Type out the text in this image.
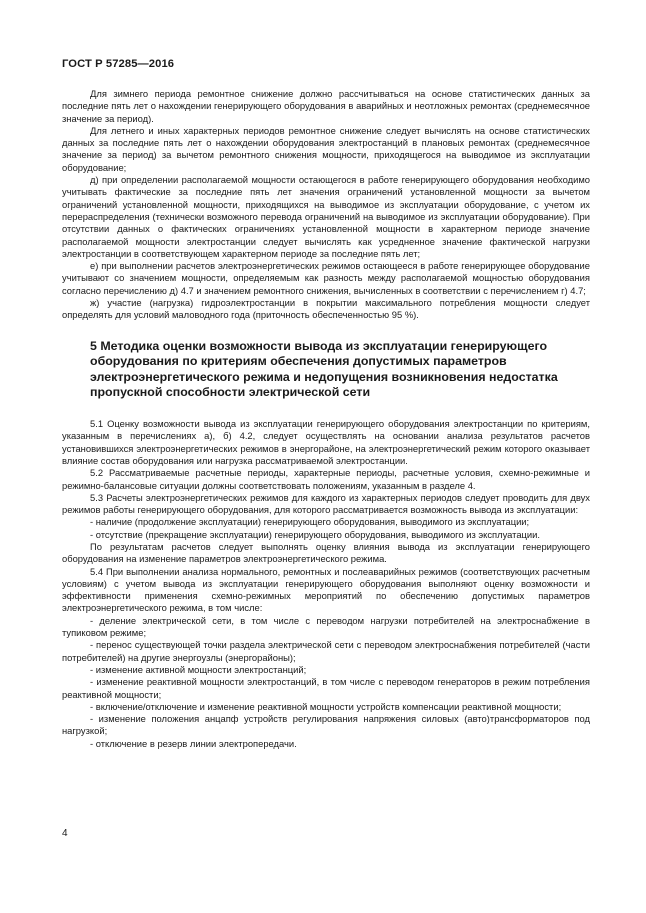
ГОСТ Р 57285—2016

Для зимнего периода ремонтное снижение должно рассчитываться на основе статистических данных за последние пять лет о нахождении генерирующего оборудования в аварийных и неотложных ремонтах (среднемесячное значение за период).

Для летнего и иных характерных периодов ремонтное снижение следует вычислять на основе статистических данных за последние пять лет о нахождении оборудования электростанций в плановых ремонтах (среднемесячное значение за период) за вычетом ремонтного снижения мощности, приходящегося на выводимое из эксплуатации оборудование;

д) при определении располагаемой мощности остающегося в работе генерирующего оборудования необходимо учитывать фактические за последние пять лет значения ограничений установленной мощности за вычетом ограничений установленной мощности, приходящихся на выводимое из эксплуатации оборудование, с учетом их перераспределения (технически возможного перевода ограничений на выводимое из эксплуатации оборудование). При отсутствии данных о фактических ограничениях установленной мощности в характерном периоде значение располагаемой мощности электростанции следует вычислять как усредненное значение фактической нагрузки электростанции в соответствующем характерном периоде за последние пять лет;

е) при выполнении расчетов электроэнергетических режимов остающееся в работе генерирующее оборудование учитывают со значением мощности, определяемым как разность между располагаемой мощностью оборудования согласно перечислению д) 4.7 и значением ремонтного снижения, вычисленных в соответствии с перечислением г) 4.7;

ж) участие (нагрузка) гидроэлектростанции в покрытии максимального потребления мощности следует определять для условий маловодного года (приточность обеспеченностью 95 %).

5 Методика оценки возможности вывода из эксплуатации генерирующего оборудования по критериям обеспечения допустимых параметров электроэнергетического режима и недопущения возникновения недостатка пропускной способности электрической сети

5.1 Оценку возможности вывода из эксплуатации генерирующего оборудования электростанции по критериям, указанным в перечислениях а), б) 4.2, следует осуществлять на основании анализа результатов расчетов установившихся электроэнергетических режимов в энергорайоне, на электроэнергетический режим которого оказывает влияние состав оборудования или нагрузка рассматриваемой электростанции.

5.2 Рассматриваемые расчетные периоды, характерные периоды, расчетные условия, схемно-режимные и режимно-балансовые ситуации должны соответствовать положениям, указанным в разделе 4.

5.3 Расчеты электроэнергетических режимов для каждого из характерных периодов следует проводить для двух режимов работы генерирующего оборудования, для которого рассматривается возможность вывода из эксплуатации:

- наличие (продолжение эксплуатации) генерирующего оборудования, выводимого из эксплуатации;

- отсутствие (прекращение эксплуатации) генерирующего оборудования, выводимого из эксплуатации.

По результатам расчетов следует выполнять оценку влияния вывода из эксплуатации генерирующего оборудования на изменение параметров электроэнергетического режима.

5.4 При выполнении анализа нормального, ремонтных и послеаварийных режимов (соответствующих расчетным условиям) с учетом вывода из эксплуатации генерирующего оборудования выполняют оценку возможности и эффективности применения схемно-режимных мероприятий по обеспечению допустимых параметров электроэнергетического режима, в том числе:

- деление электрической сети, в том числе с переводом нагрузки потребителей на электроснабжение в тупиковом режиме;

- перенос существующей точки раздела электрической сети с переводом электроснабжения потребителей (части потребителей) на другие энергоузлы (энергорайоны);

- изменение активной мощности электростанций;

- изменение реактивной мощности электростанций, в том числе с переводом генераторов в режим потребления реактивной мощности;

- включение/отключение и изменение реактивной мощности устройств компенсации реактивной мощности;

- изменение положения анцапф устройств регулирования напряжения силовых (авто)трансформаторов под нагрузкой;

- отключение в резерв линии электропередачи.

4
